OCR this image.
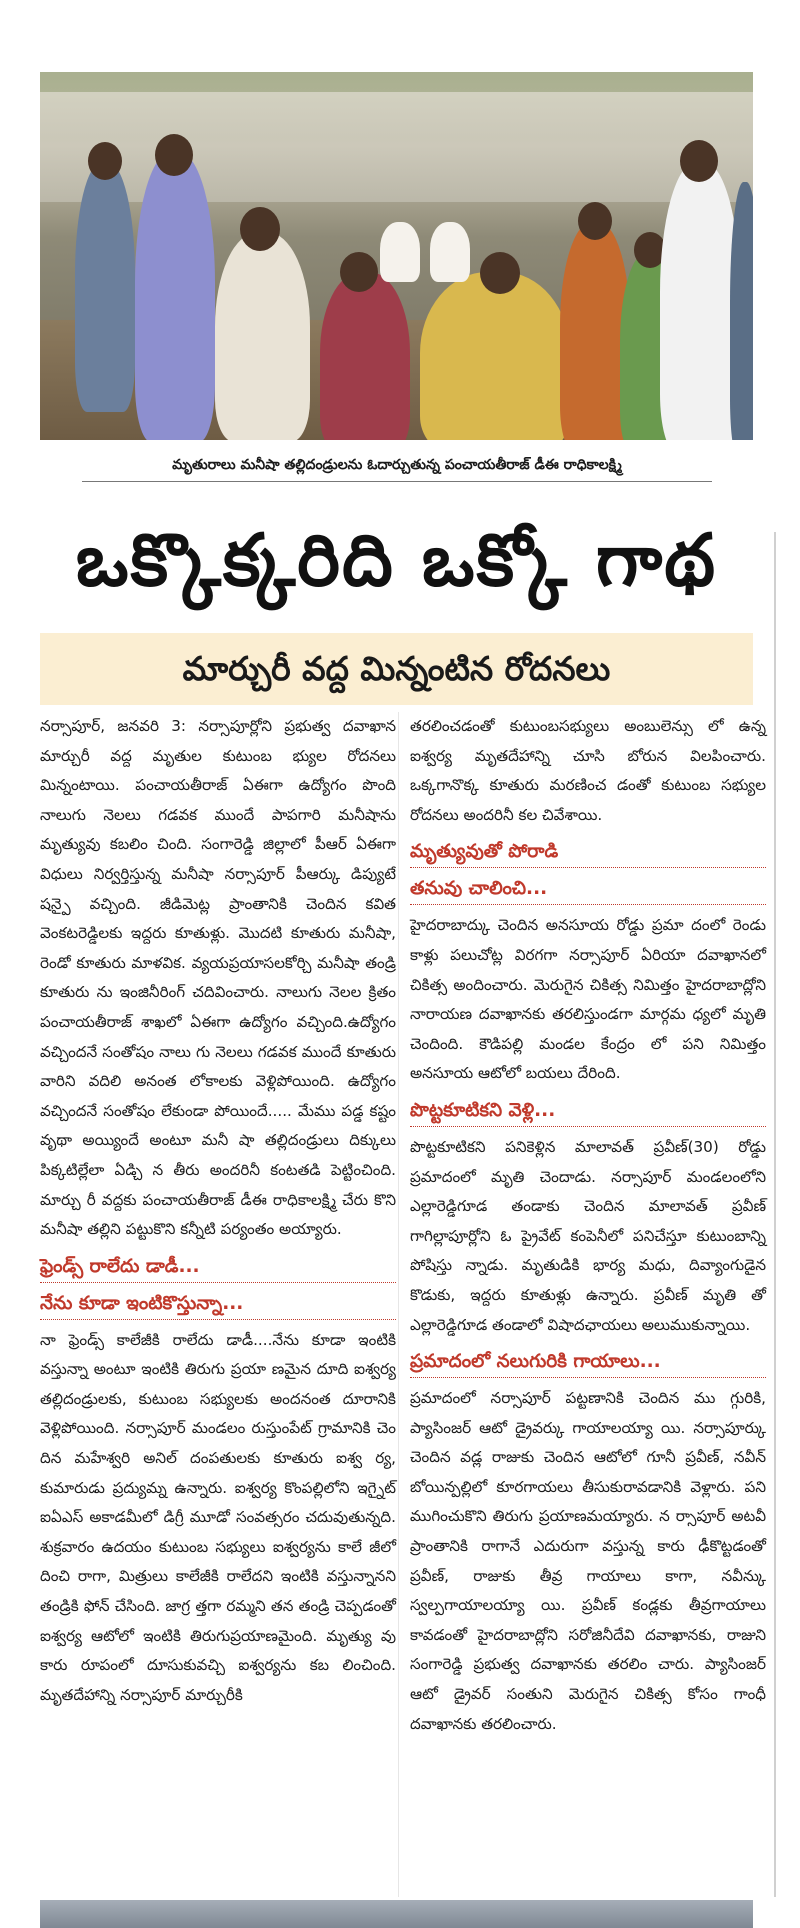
మృతురాలు మనీషా తల్లిదండ్రులను ఓదార్చుతున్న పంచాయతీరాజ్ డీఈ రాధికాలక్ష్మి
ఒక్కొక్కరిది ఒక్కో గాథ
మార్చురీ వద్ద మిన్నంటిన రోదనలు

నర్సాపూర్, జనవరి 3: నర్సాపూర్లోని ప్రభుత్వ దవాఖాన మార్చురీ వద్ద మృతుల కుటుంబ భ్యుల రోదనలు మిన్నంటాయి. పంచాయతీరాజ్ ఏఈగా ఉద్యోగం పొంది నాలుగు నెలలు గడవక ముందే పాపగారి మనీషాను మృత్యువు కబలిం చింది. సంగారెడ్డి జిల్లాలో పీఆర్ ఏఈగా విధులు నిర్వర్తిస్తున్న మనీషా నర్సాపూర్ పీఆర్కు డిప్యుటే షన్పై వచ్చింది. జీడిమెట్ల ప్రాంతానికి చెందిన కవిత వెంకటరెడ్డిలకు ఇద్దరు కూతుళ్లు. మొదటి కూతురు మనీషా, రెండో కూతురు మాళవిక. వ్యయప్రయాసలకోర్చి మనీషా తండ్రి కూతురు ను ఇంజినీరింగ్ చదివించారు. నాలుగు నెలల క్రితం పంచాయతీరాజ్ శాఖలో ఏఈగా ఉద్యోగం వచ్చింది.ఉద్యోగం వచ్చిందనే సంతోషం నాలు గు నెలలు గడవక ముందే కూతురు వారిని వదిలి అనంత లోకాలకు వెళ్లిపోయింది. ఉద్యోగం వచ్చిందనే సంతోషం లేకుండా పోయిందే..... మేము పడ్డ కష్టం వృథా అయ్యిందే అంటూ మనీ షా తల్లిదండ్రులు దిక్కులు పిక్కటిల్లేలా ఏడ్చి న తీరు అందరినీ కంటతడి పెట్టించింది. మార్చు రీ వద్దకు పంచాయతీరాజ్ డీఈ రాధికాలక్ష్మి చేరు కొని మనీషా తల్లిని పట్టుకొని కన్నీటి పర్యంతం అయ్యారు.

ఫ్రెండ్స్ రాలేదు డాడీ...
నేను కూడా ఇంటికొస్తున్నా...

నా ఫ్రెండ్స్ కాలేజీకి రాలేదు డాడీ....నేను కూడా ఇంటికి వస్తున్నా అంటూ ఇంటికి తిరుగు ప్రయా ణమైన దూది ఐశ్వర్య తల్లిదండ్రులకు, కుటుంబ సభ్యులకు అందనంత దూరానికి వెళ్లిపోయింది. నర్సాపూర్ మండలం రుస్తుంపేట్ గ్రామానికి చెం దిన మహేశ్వరి అనిల్ దంపతులకు కూతురు ఐశ్వ ర్య, కుమారుడు ప్రద్యుమ్న ఉన్నారు. ఐశ్వర్య కొంపల్లిలోని ఇగ్నైట్ ఐఏఎస్ అకాడమీలో డిగ్రీ మూడో సంవత్సరం చదువుతున్నది. శుక్రవారం ఉదయం కుటుంబ సభ్యులు ఐశ్వర్యను కాలే జీలో దించి రాగా, మిత్రులు కాలేజీకి రాలేదని ఇంటికి వస్తున్నానని తండ్రికి ఫోన్ చేసింది. జాగ్ర త్తగా రమ్మని తన తండ్రి చెప్పడంతో ఐశ్వర్య ఆటోలో ఇంటికి తిరుగుప్రయాణమైంది. మృత్యు వు కారు రూపంలో దూసుకువచ్చి ఐశ్వర్యను కబ లించింది. మృతదేహాన్ని నర్సాపూర్ మార్చురీకి

తరలించడంతో కుటుంబసభ్యులు అంబులెన్సు లో ఉన్న ఐశ్వర్య మృతదేహాన్ని చూసి బోరున విలపించారు. ఒక్కగానొక్క కూతురు మరణించ డంతో కుటుంబ సభ్యుల రోదనలు అందరినీ కల చివేశాయి.

మృత్యువుతో పోరాడి
తనువు చాలించి...

హైదరాబాద్కు చెందిన అనసూయ రోడ్డు ప్రమా దంలో రెండు కాళ్లు పలుచోట్ల విరగగా నర్సాపూర్ ఏరియా దవాఖానలో చికిత్స అందించారు. మెరుగైన చికిత్స నిమిత్తం హైదరాబాద్లోని నారాయణ దవాఖానకు తరలిస్తుండగా మార్గమ ధ్యలో మృతి చెందింది. కౌడిపల్లి మండల కేంద్రం లో పని నిమిత్తం అనసూయ ఆటోలో బయలు దేరింది.

పొట్టకూటికని వెళ్లి...

పొట్టకూటికని పనికెళ్లిన మాలావత్ ప్రవీణ్(30) రోడ్డు ప్రమాదంలో మృతి చెందాడు. నర్సాపూర్ మండలంలోని ఎల్లారెడ్డిగూడ తండాకు చెందిన మాలావత్ ప్రవీణ్ గాగిల్లాపూర్లోని ఓ ప్రైవేట్ కంపెనీలో పనిచేస్తూ కుటుంబాన్ని పోషిస్తు న్నాడు. మృతుడికి భార్య మధు, దివ్యాంగుడైన కొడుకు, ఇద్దరు కూతుళ్లు ఉన్నారు. ప్రవీణ్ మృతి తో ఎల్లారెడ్డిగూడ తండాలో విషాదఛాయలు అలుముకున్నాయి.

ప్రమాదంలో నలుగురికి గాయాలు...

ప్రమాదంలో నర్సాపూర్ పట్టణానికి చెందిన ము గ్గురికి, ప్యాసింజర్ ఆటో డ్రైవర్కు గాయాలయ్యా యి. నర్సాపూర్కు చెందిన వడ్ల రాజుకు చెందిన ఆటోలో గూనీ ప్రవీణ్, నవీన్ బోయిన్పల్లిలో కూరగాయలు తీసుకురావడానికి వెళ్లారు. పని ముగించుకొని తిరుగు ప్రయాణమయ్యారు. న ర్సాపూర్ అటవీ ప్రాంతానికి రాగానే ఎదురుగా వస్తున్న కారు ఢీకొట్టడంతో ప్రవీణ్, రాజుకు తీవ్ర గాయాలు కాగా, నవీన్కు స్వల్పగాయాలయ్యా యి. ప్రవీణ్ కండ్లకు తీవ్రగాయాలు కావడంతో హైదరాబాద్లోని సరోజినీదేవి దవాఖానకు, రాజుని సంగారెడ్డి ప్రభుత్వ దవాఖానకు తరలిం చారు. ప్యాసింజర్ ఆటో డ్రైవర్ సంతుని మెరుగైన చికిత్స కోసం గాంధీ దవాఖానకు తరలించారు.
